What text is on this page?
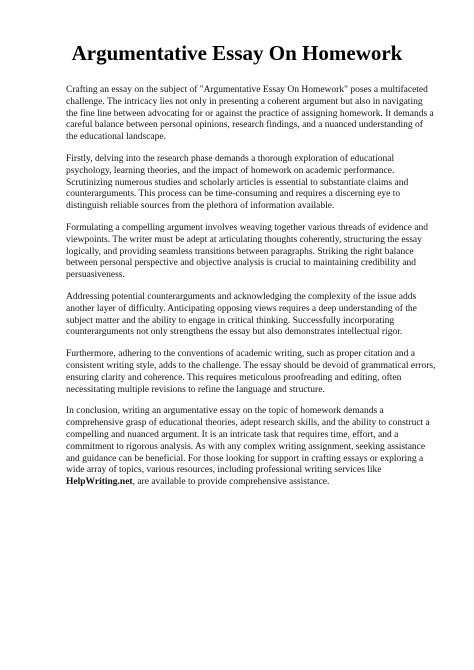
Argumentative Essay On Homework

Crafting an essay on the subject of "Argumentative Essay On Homework" poses a multifaceted challenge. The intricacy lies not only in presenting a coherent argument but also in navigating the fine line between advocating for or against the practice of assigning homework. It demands a careful balance between personal opinions, research findings, and a nuanced understanding of the educational landscape.

Firstly, delving into the research phase demands a thorough exploration of educational psychology, learning theories, and the impact of homework on academic performance. Scrutinizing numerous studies and scholarly articles is essential to substantiate claims and counterarguments. This process can be time-consuming and requires a discerning eye to distinguish reliable sources from the plethora of information available.

Formulating a compelling argument involves weaving together various threads of evidence and viewpoints. The writer must be adept at articulating thoughts coherently, structuring the essay logically, and providing seamless transitions between paragraphs. Striking the right balance between personal perspective and objective analysis is crucial to maintaining credibility and persuasiveness.

Addressing potential counterarguments and acknowledging the complexity of the issue adds another layer of difficulty. Anticipating opposing views requires a deep understanding of the subject matter and the ability to engage in critical thinking. Successfully incorporating counterarguments not only strengthens the essay but also demonstrates intellectual rigor.

Furthermore, adhering to the conventions of academic writing, such as proper citation and a consistent writing style, adds to the challenge. The essay should be devoid of grammatical errors, ensuring clarity and coherence. This requires meticulous proofreading and editing, often necessitating multiple revisions to refine the language and structure.

In conclusion, writing an argumentative essay on the topic of homework demands a comprehensive grasp of educational theories, adept research skills, and the ability to construct a compelling and nuanced argument. It is an intricate task that requires time, effort, and a commitment to rigorous analysis. As with any complex writing assignment, seeking assistance and guidance can be beneficial. For those looking for support in crafting essays or exploring a wide array of topics, various resources, including professional writing services like HelpWriting.net, are available to provide comprehensive assistance.
